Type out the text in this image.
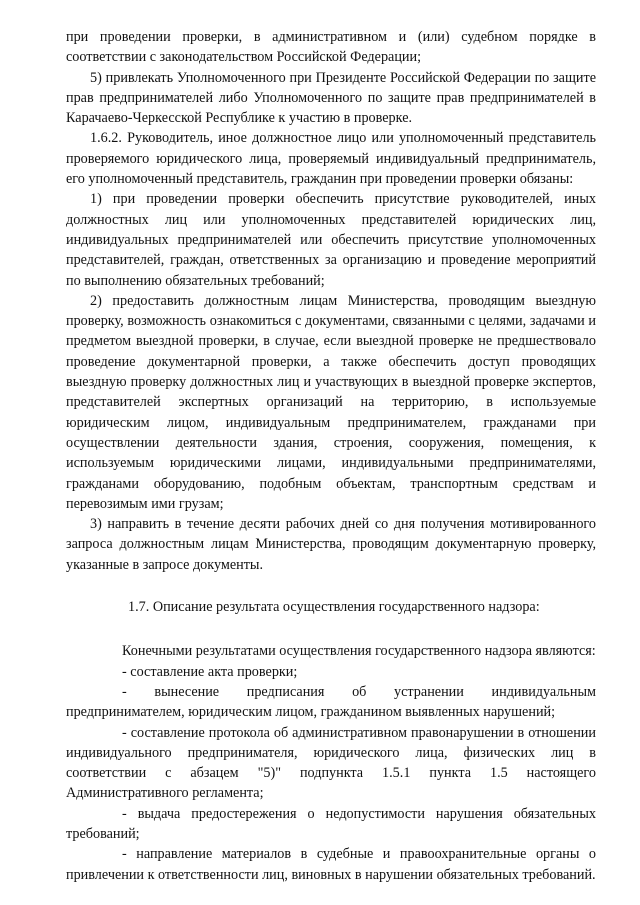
при проведении проверки, в административном и (или) судебном порядке в соответствии с законодательством Российской Федерации;

5) привлекать Уполномоченного при Президенте Российской Федерации по защите прав предпринимателей либо Уполномоченного по защите прав предпринимателей в Карачаево-Черкесской Республике к участию в проверке.

1.6.2. Руководитель, иное должностное лицо или уполномоченный представитель проверяемого юридического лица, проверяемый индивидуальный предприниматель, его уполномоченный представитель, гражданин при проведении проверки обязаны:

1) при проведении проверки обеспечить присутствие руководителей, иных должностных лиц или уполномоченных представителей юридических лиц, индивидуальных предпринимателей или обеспечить присутствие уполномоченных представителей, граждан, ответственных за организацию и проведение мероприятий по выполнению обязательных требований;

2) предоставить должностным лицам Министерства, проводящим выездную проверку, возможность ознакомиться с документами, связанными с целями, задачами и предметом выездной проверки, в случае, если выездной проверке не предшествовало проведение документарной проверки, а также обеспечить доступ проводящих выездную проверку должностных лиц и участвующих в выездной проверке экспертов, представителей экспертных организаций на территорию, в используемые юридическим лицом, индивидуальным предпринимателем, гражданами при осуществлении деятельности здания, строения, сооружения, помещения, к используемым юридическими лицами, индивидуальными предпринимателями, гражданами оборудованию, подобным объектам, транспортным средствам и перевозимым ими грузам;

3) направить в течение десяти рабочих дней со дня получения мотивированного запроса должностным лицам Министерства, проводящим документарную проверку, указанные в запросе документы.

1.7. Описание результата осуществления государственного надзора:

Конечными результатами осуществления государственного надзора являются:

- составление акта проверки;

- вынесение предписания об устранении индивидуальным предпринимателем, юридическим лицом, гражданином выявленных нарушений;

- составление протокола об административном правонарушении в отношении индивидуального предпринимателя, юридического лица, физических лиц в соответствии с абзацем "5)" подпункта 1.5.1 пункта 1.5 настоящего Административного регламента;

- выдача предостережения о недопустимости нарушения обязательных требований;

- направление материалов в судебные и правоохранительные органы о привлечении к ответственности лиц, виновных в нарушении обязательных требований.
